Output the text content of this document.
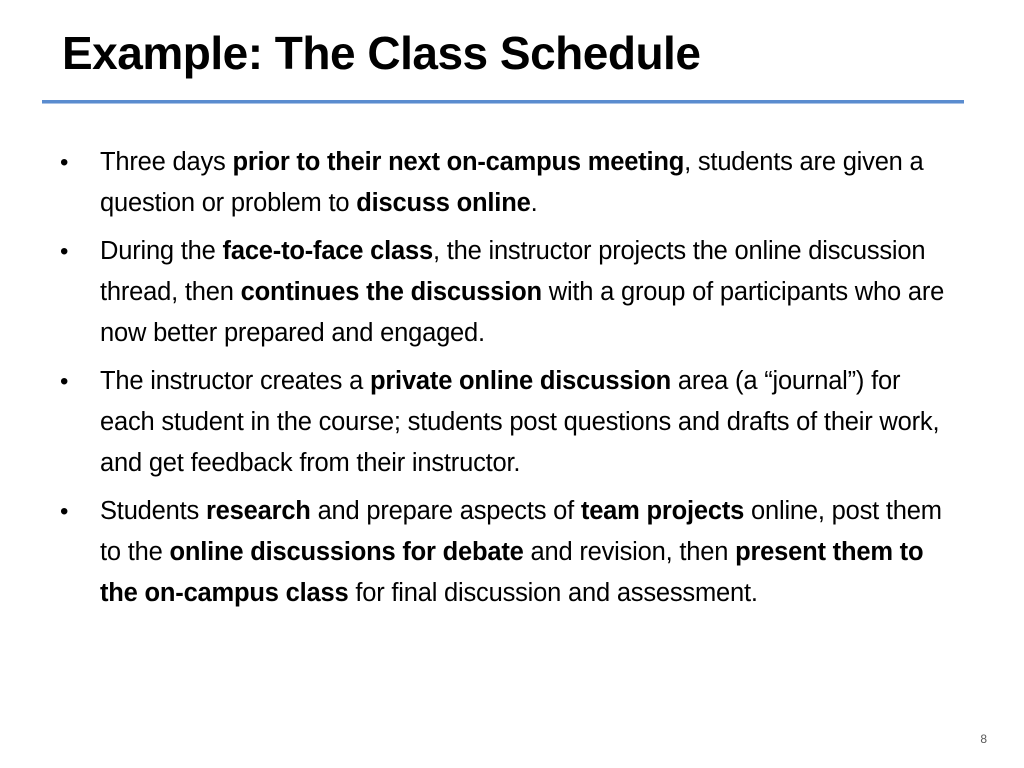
Example: The Class Schedule
• Three days prior to their next on-campus meeting, students are given a question or problem to discuss online.
• During the face-to-face class, the instructor projects the online discussion thread, then continues the discussion with a group of participants who are now better prepared and engaged.
• The instructor creates a private online discussion area (a “journal”) for each student in the course; students post questions and drafts of their work, and get feedback from their instructor.
• Students research and prepare aspects of team projects online, post them to the online discussions for debate and revision, then present them to the on-campus class for final discussion and assessment.
8
